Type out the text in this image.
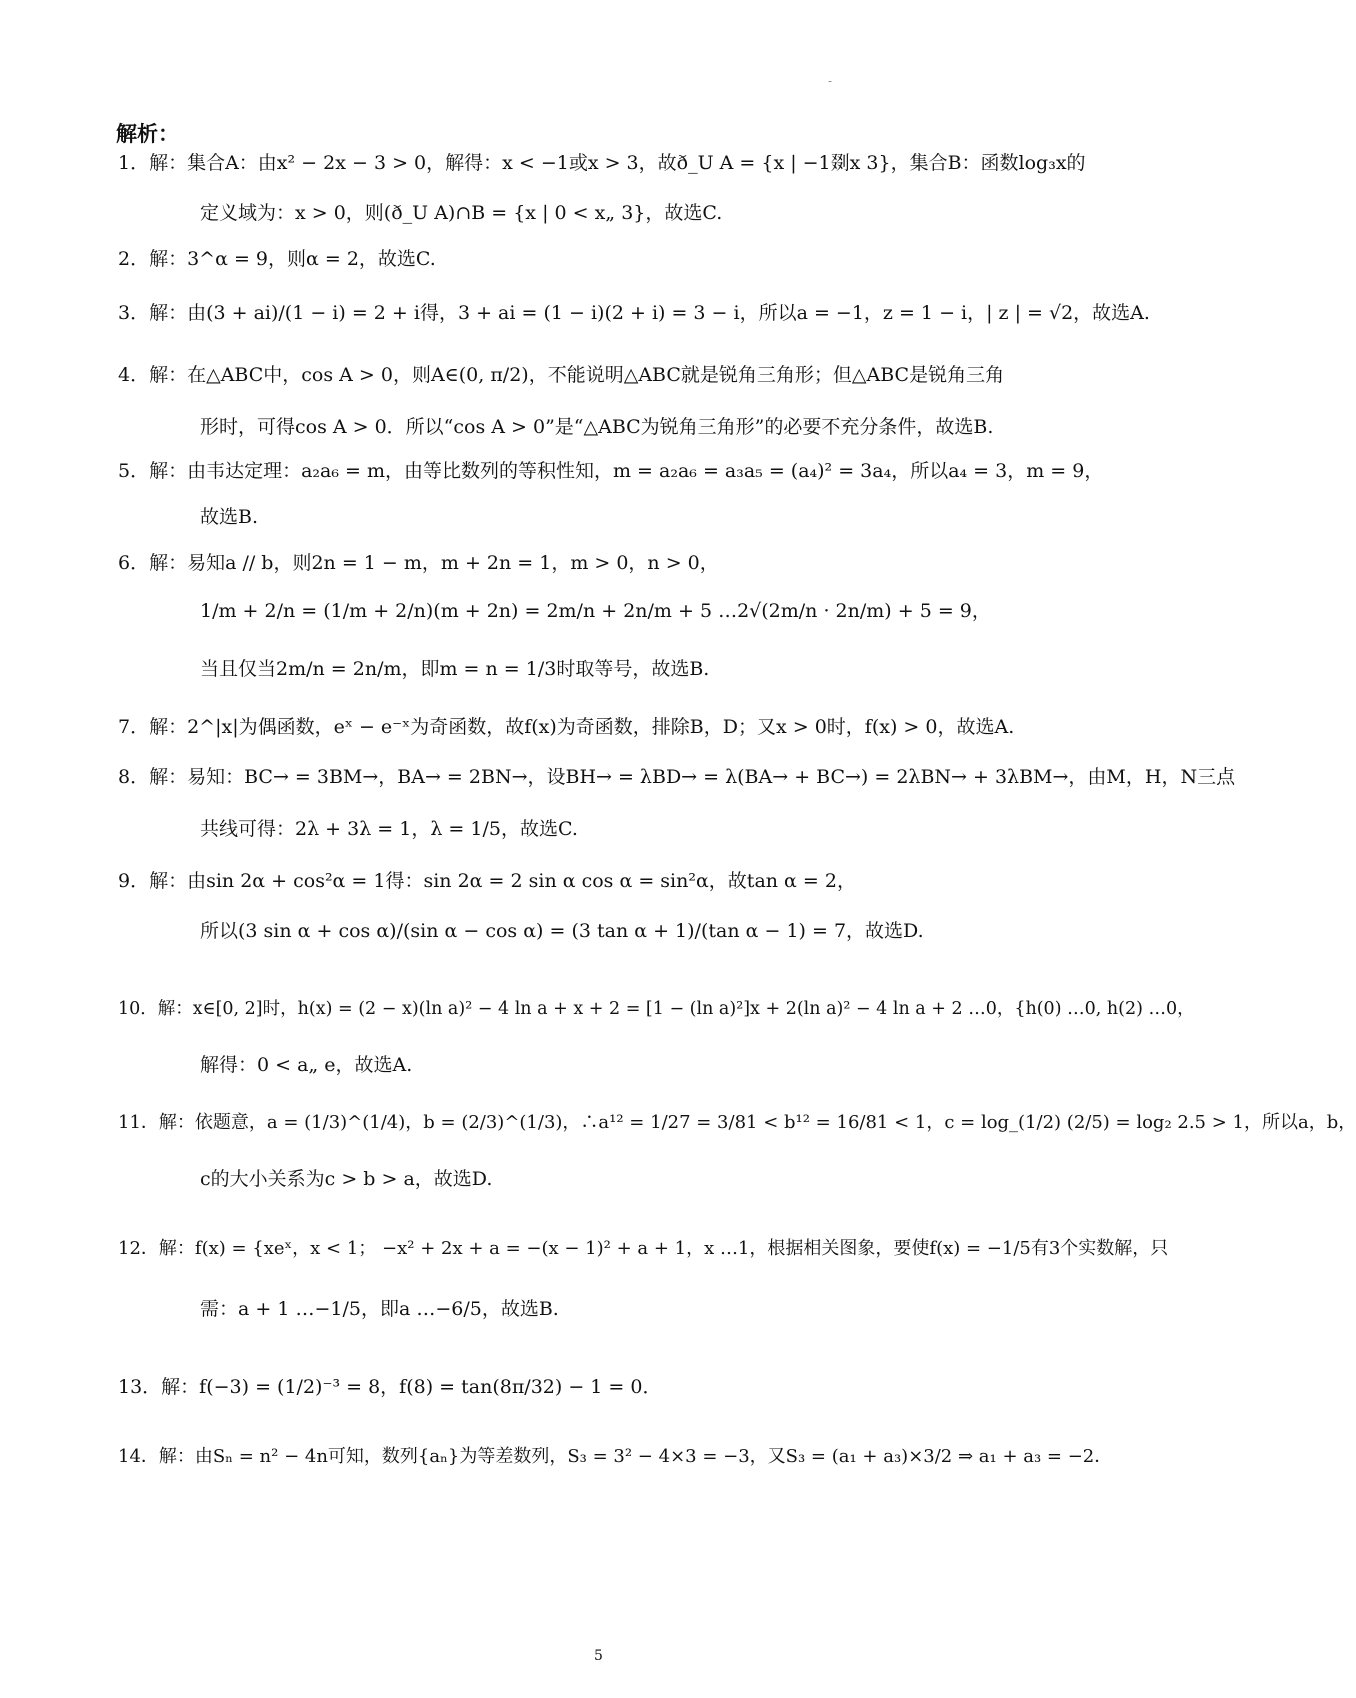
-
解析：
1．解：集合A：由x² − 2x − 3 > 0，解得：x < −1或x > 3，故ð_U A = {x | −1剟x 3}，集合B：函数log₃x的
定义域为：x > 0，则(ð_U A)∩B = {x | 0 < x„ 3}，故选C.
2．解：3^α = 9，则α = 2，故选C.
3．解：由(3 + ai)/(1 − i) = 2 + i得，3 + ai = (1 − i)(2 + i) = 3 − i，所以a = −1，z = 1 − i，| z | = √2，故选A.
4．解：在△ABC中，cos A > 0，则A∈(0, π/2)，不能说明△ABC就是锐角三角形；但△ABC是锐角三角
形时，可得cos A > 0．所以“cos A > 0”是“△ABC为锐角三角形”的必要不充分条件，故选B.
5．解：由韦达定理：a₂a₆ = m，由等比数列的等积性知，m = a₂a₆ = a₃a₅ = (a₄)² = 3a₄，所以a₄ = 3，m = 9，
故选B.
6．解：易知a // b，则2n = 1 − m，m + 2n = 1，m > 0，n > 0，
1/m + 2/n = (1/m + 2/n)(m + 2n) = 2m/n + 2n/m + 5 …2√(2m/n · 2n/m) + 5 = 9，
当且仅当2m/n = 2n/m，即m = n = 1/3时取等号，故选B.
7．解：2^|x|为偶函数，eˣ − e⁻ˣ为奇函数，故f(x)为奇函数，排除B，D；又x > 0时，f(x) > 0，故选A.
8．解：易知：BC→ = 3BM→，BA→ = 2BN→，设BH→ = λBD→ = λ(BA→ + BC→) = 2λBN→ + 3λBM→，由M，H，N三点
共线可得：2λ + 3λ = 1，λ = 1/5，故选C.
9．解：由sin 2α + cos²α = 1得：sin 2α = 2 sin α cos α = sin²α，故tan α = 2，
所以(3 sin α + cos α)/(sin α − cos α) = (3 tan α + 1)/(tan α − 1) = 7，故选D.
10．解：x∈[0, 2]时，h(x) = (2 − x)(ln a)² − 4 ln a + x + 2 = [1 − (ln a)²]x + 2(ln a)² − 4 ln a + 2 …0，{h(0) …0, h(2) …0，
解得：0 < a„ e，故选A.
11．解：依题意，a = (1/3)^(1/4)，b = (2/3)^(1/3)，∴a¹² = 1/27 = 3/81 < b¹² = 16/81 < 1，c = log_(1/2) (2/5) = log₂ 2.5 > 1，所以a，b，
c的大小关系为c > b > a，故选D.
12．解：f(x) = {xeˣ，x < 1； −x² + 2x + a = −(x − 1)² + a + 1，x …1，根据相关图象，要使f(x) = −1/5有3个实数解，只
需：a + 1 …−1/5，即a …−6/5，故选B.
13．解：f(−3) = (1/2)⁻³ = 8，f(8) = tan(8π/32) − 1 = 0．
14．解：由Sₙ = n² − 4n可知，数列{aₙ}为等差数列，S₃ = 3² − 4×3 = −3，又S₃ = (a₁ + a₃)×3/2 ⇒ a₁ + a₃ = −2．
5
